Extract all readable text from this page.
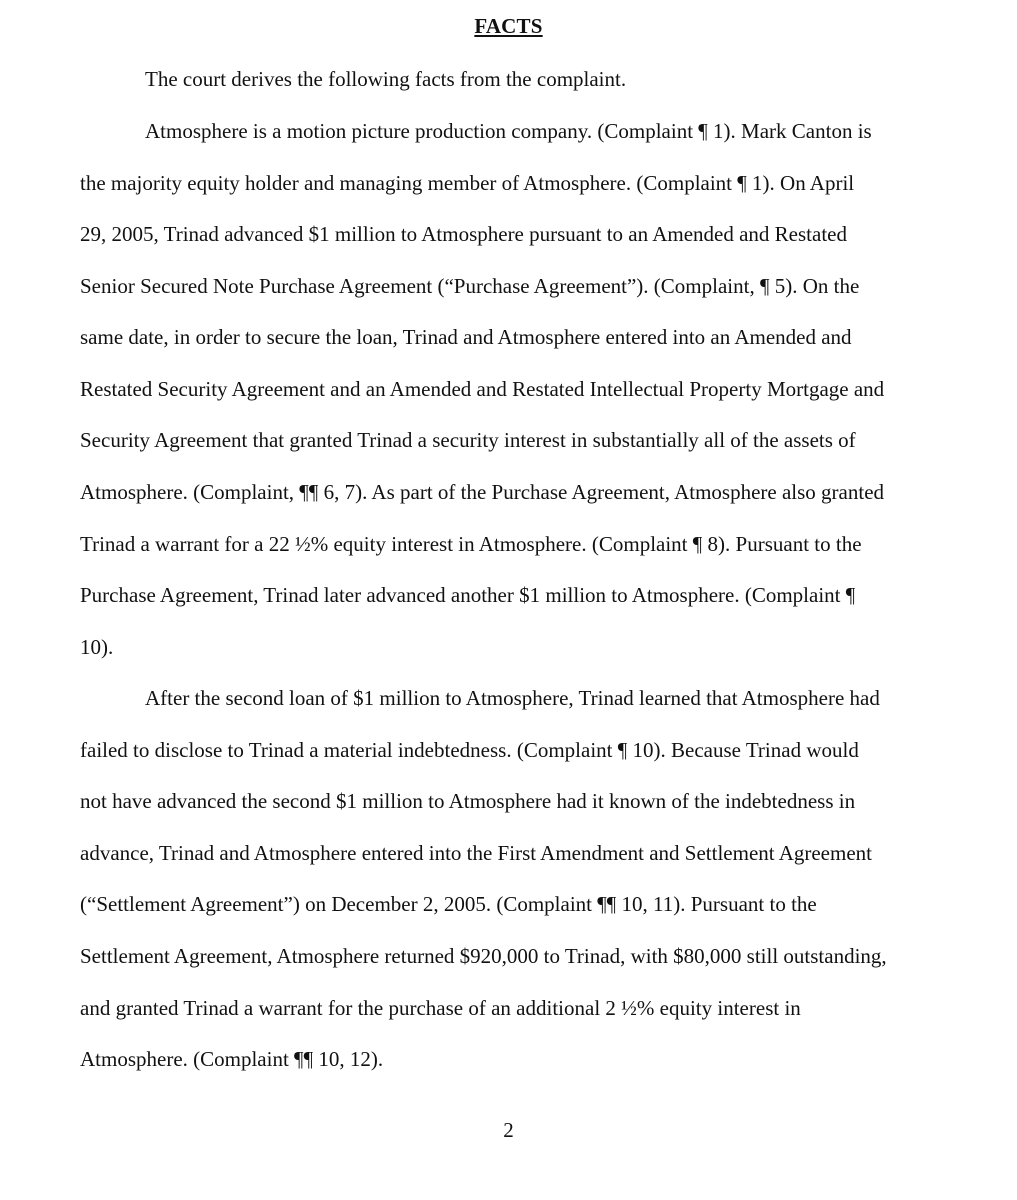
FACTS
The court derives the following facts from the complaint.
Atmosphere is a motion picture production company. (Complaint ¶ 1). Mark Canton is
the majority equity holder and managing member of Atmosphere. (Complaint ¶ 1). On April
29, 2005, Trinad advanced $1 million to Atmosphere pursuant to an Amended and Restated
Senior Secured Note Purchase Agreement (“Purchase Agreement”). (Complaint, ¶ 5). On the
same date, in order to secure the loan, Trinad and Atmosphere entered into an Amended and
Restated Security Agreement and an Amended and Restated Intellectual Property Mortgage and
Security Agreement that granted Trinad a security interest in substantially all of the assets of
Atmosphere. (Complaint, ¶¶ 6, 7). As part of the Purchase Agreement, Atmosphere also granted
Trinad a warrant for a 22 ½% equity interest in Atmosphere. (Complaint ¶ 8). Pursuant to the
Purchase Agreement, Trinad later advanced another $1 million to Atmosphere. (Complaint ¶
10).
After the second loan of $1 million to Atmosphere, Trinad learned that Atmosphere had
failed to disclose to Trinad a material indebtedness. (Complaint ¶ 10). Because Trinad would
not have advanced the second $1 million to Atmosphere had it known of the indebtedness in
advance, Trinad and Atmosphere entered into the First Amendment and Settlement Agreement
(“Settlement Agreement”) on December 2, 2005. (Complaint ¶¶ 10, 11). Pursuant to the
Settlement Agreement, Atmosphere returned $920,000 to Trinad, with $80,000 still outstanding,
and granted Trinad a warrant for the purchase of an additional 2 ½% equity interest in
Atmosphere. (Complaint ¶¶ 10, 12).
2
